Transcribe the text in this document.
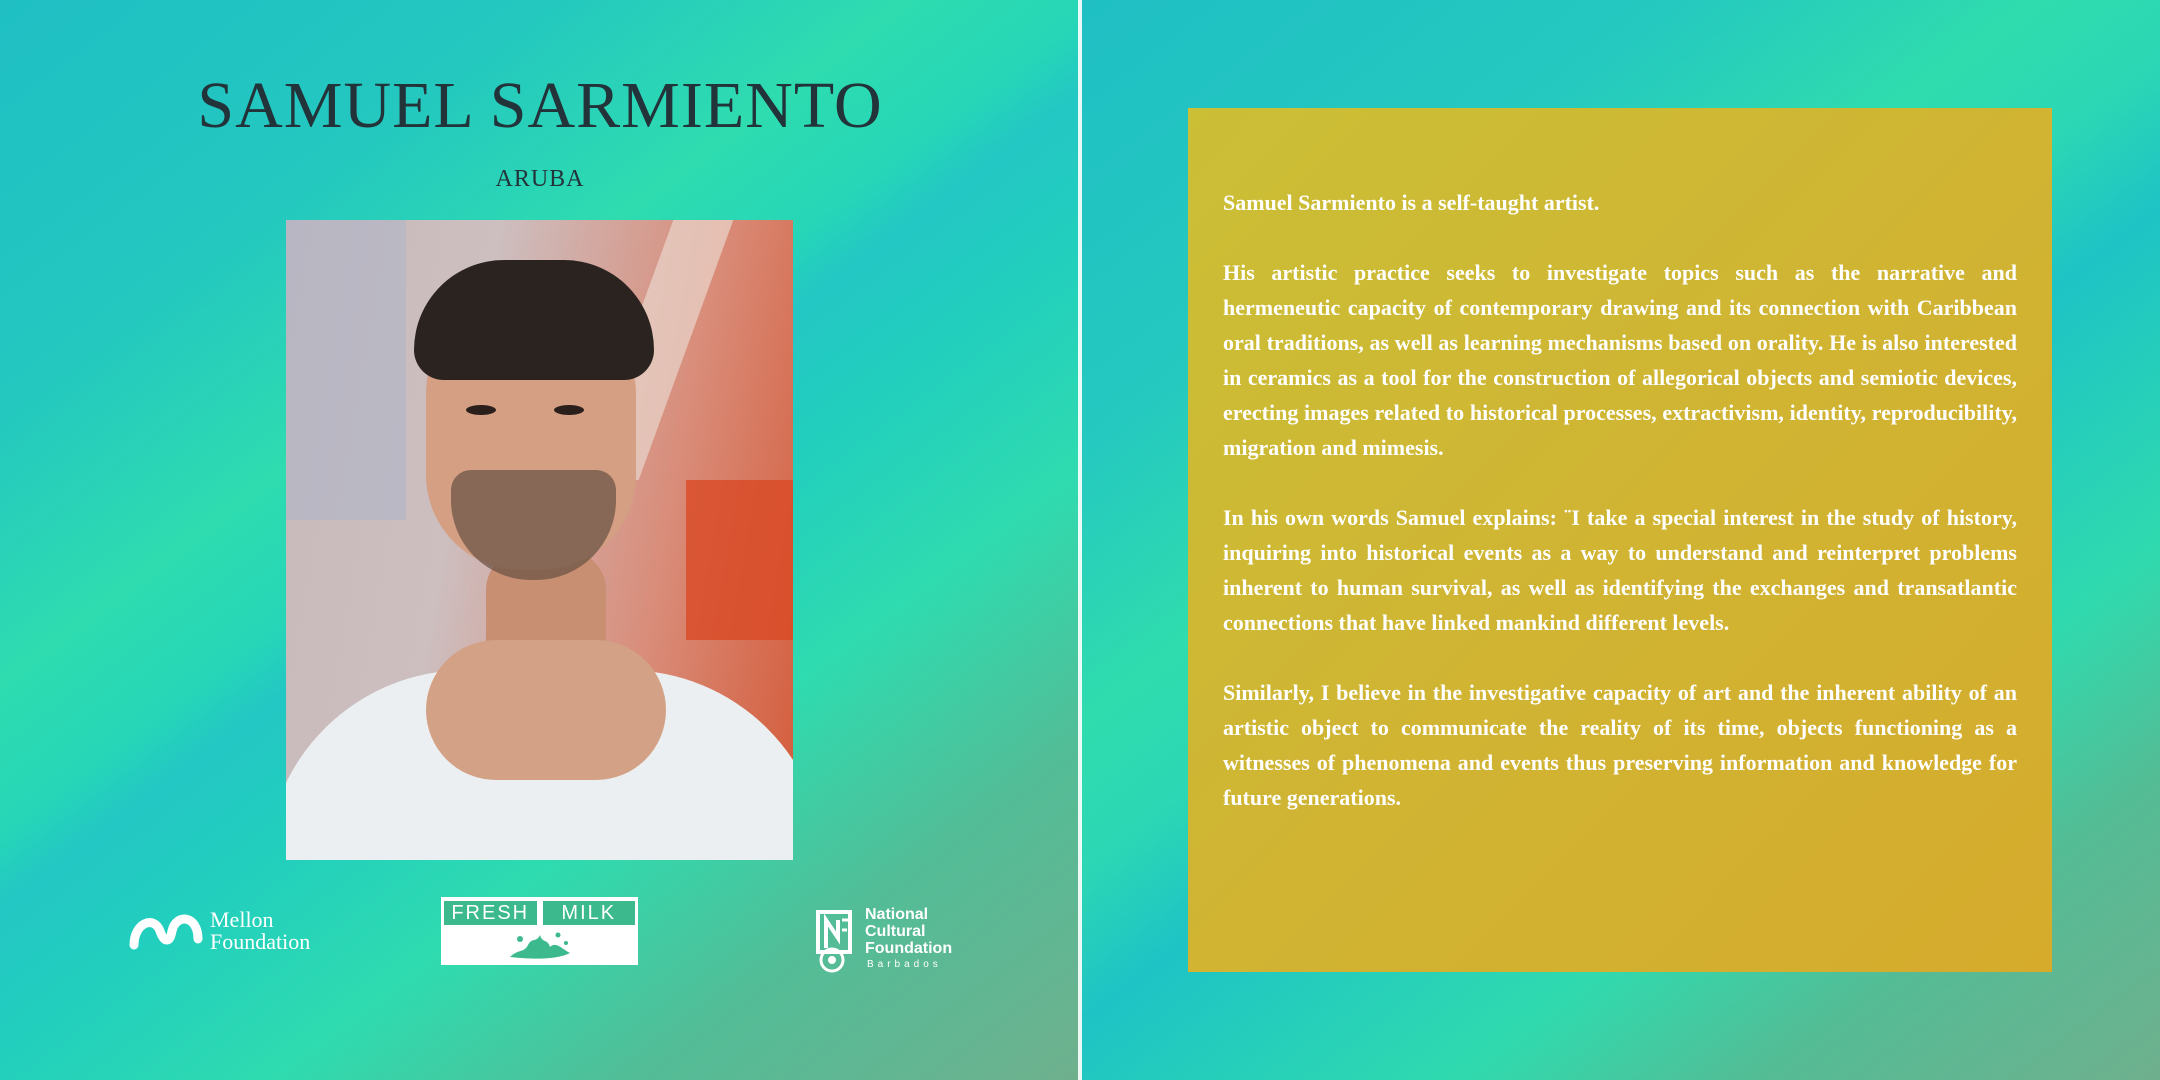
SAMUEL SARMIENTO
ARUBA
Mellon
Foundation
FRESH	MILK	National
Cultural
Foundation
Barbados

Samuel Sarmiento is a self-taught artist.

His artistic practice seeks to investigate topics such as the narrative and hermeneutic capacity of contemporary drawing and its connection with Caribbean oral traditions, as well as learning mechanisms based on orality. He is also interested in ceramics as a tool for the construction of allegorical objects and semiotic devices, erecting images related to historical processes, extractivism, identity, reproducibility, migration and mimesis.

In his own words Samuel explains: ¨I take a special interest in the study of history, inquiring into historical events as a way to understand and reinterpret problems inherent to human survival, as well as identifying the exchanges and transatlantic connections that have linked mankind different levels.

Similarly, I believe in the investigative capacity of art and the inherent ability of an artistic object to communicate the reality of its time, objects functioning as a witnesses of phenomena and events thus preserving information and knowledge for future generations.
